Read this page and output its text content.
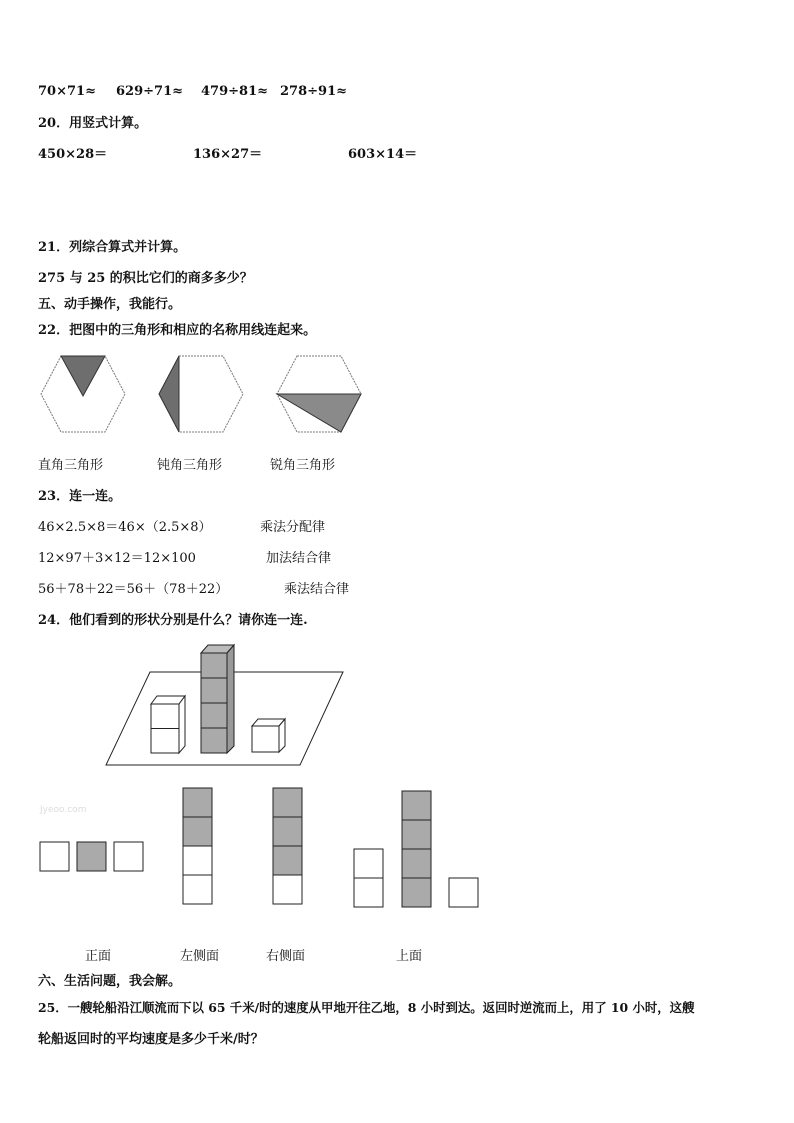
70×71≈ 629÷71≈ 479÷81≈ 278÷91≈
20．用竖式计算。
450×28＝	136×27＝	603×14＝
21．列综合算式并计算。
275 与 25 的积比它们的商多多少？
五、动手操作，我能行。
22．把图中的三角形和相应的名称用线连起来。
直角三角形	钝角三角形	锐角三角形
23．连一连。
46×2.5×8＝46×（2.5×8）	乘法分配律
12×97＋3×12＝12×100	加法结合律
56＋78＋22＝56＋（78＋22）	乘法结合律
24．他们看到的形状分别是什么？请你连一连.
Jyeoo.com
正面	左侧面	右侧面	上面
六、生活问题，我会解。
25．一艘轮船沿江顺流而下以 65 千米/时的速度从甲地开往乙地，8 小时到达。返回时逆流而上，用了 10 小时，这艘
轮船返回时的平均速度是多少千米/时？
